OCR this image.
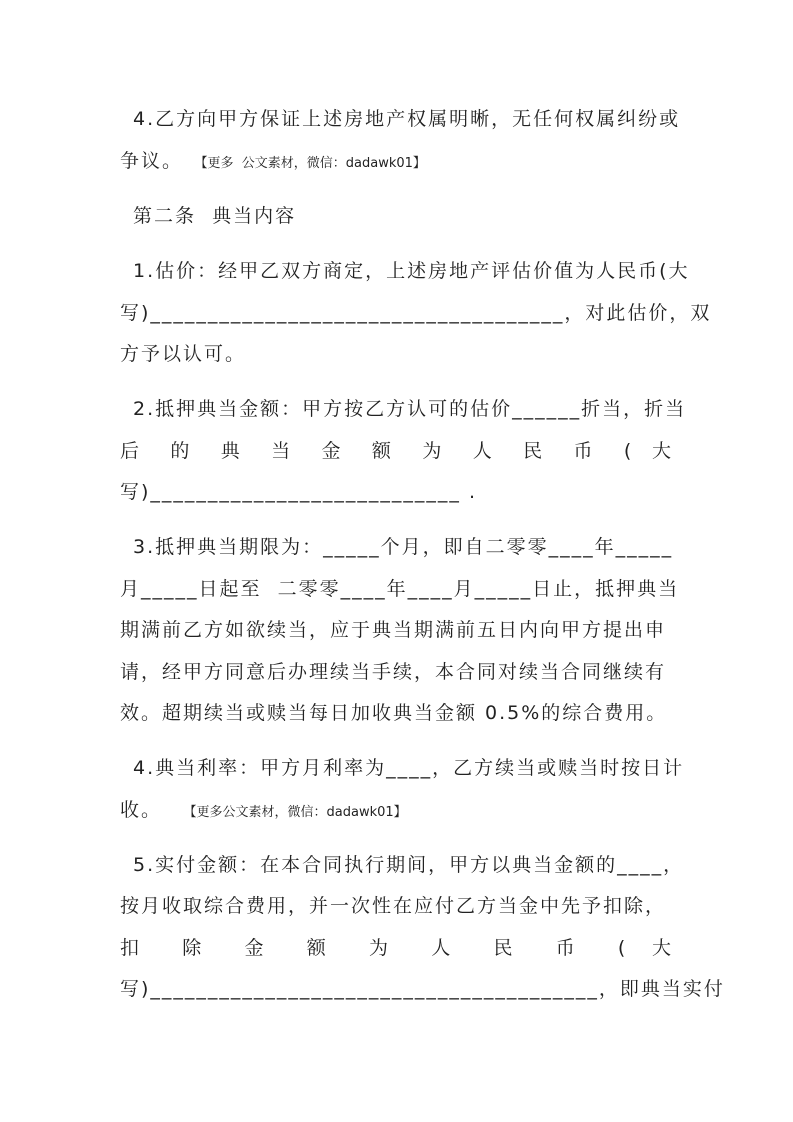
4.乙方向甲方保证上述房地产权属明晰，无任何权属纠纷或
争议。 【更多  公文素材，微信：dadawk01】
第二条  典当内容
1.估价：经甲乙双方商定，上述房地产评估价值为人民币(大
写)____________________________________，对此估价，双
方予以认可。
2.抵押典当金额：甲方按乙方认可的估价______折当，折当
后 的 典 当 金 额 为 人 民 币 ( 大
写)___________________________ .
3.抵押典当期限为：_____个月，即自二零零____年_____
月_____日起至  二零零____年____月_____日止，抵押典当
期满前乙方如欲续当，应于典当期满前五日内向甲方提出申
请，经甲方同意后办理续当手续，本合同对续当合同继续有
效。超期续当或赎当每日加收典当金额 0.5%的综合费用。
4.典当利率：甲方月利率为____，乙方续当或赎当时按日计
收。 【更多公文素材，微信：dadawk01】
5.实付金额：在本合同执行期间，甲方以典当金额的____，
按月收取综合费用，并一次性在应付乙方当金中先予扣除，
扣 除 金 额 为 人 民 币 ( 大
写)_______________________________________，即典当实付
